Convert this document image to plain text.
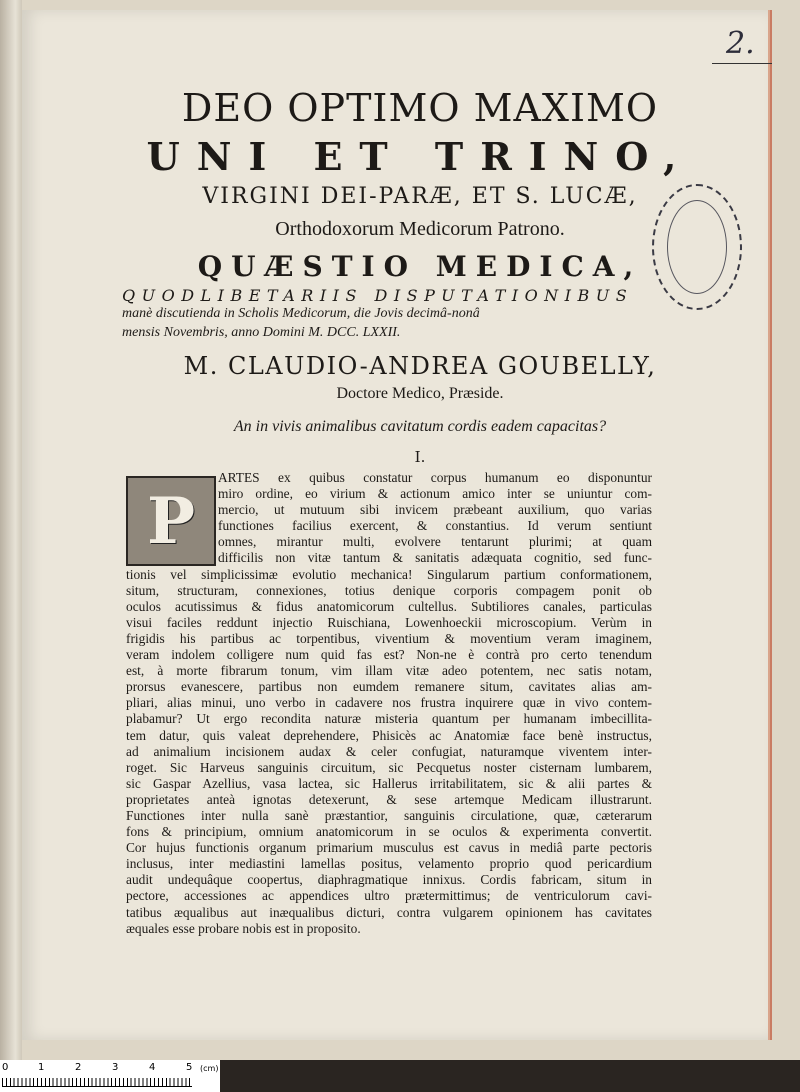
2.
DEO OPTIMO MAXIMO
UNI ET TRINO,
VIRGINI DEI-PARÆ, ET S. LUCÆ,
Orthodoxorum Medicorum Patrono.
QUÆSTIO MEDICA,
QUODLIBETARIIS DISPUTATIONIBUS
manè discutienda in Scholis Medicorum, die Jovis decimâ-nonâ
mensis Novembris, anno Domini M. DCC. LXXII.
M. CLAUDIO-ANDREA GOUBELLY,
Doctore Medico, Præside.
An in vivis animalibus cavitatum cordis eadem capacitas?
I.
P
ARTES ex quibus constatur corpus humanum eo disponuntur
miro ordine, eo virium & actionum amico inter se uniuntur com-
mercio, ut mutuum sibi invicem præbeant auxilium, quo varias
functiones facilius exercent, & constantius. Id verum sentiunt
omnes, mirantur multi, evolvere tentarunt plurimi; at quam
difficilis non vitæ tantum & sanitatis adæquata cognitio, sed func-
tionis vel simplicissimæ evolutio mechanica! Singularum partium conformationem,
situm, structuram, connexiones, totius denique corporis compagem ponit ob
oculos acutissimus & fidus anatomicorum cultellus. Subtiliores canales, particulas
visui faciles reddunt injectio Ruischiana, Lowenhoeckii microscopium. Verùm in
frigidis his partibus ac torpentibus, viventium & moventium veram imaginem,
veram indolem colligere num quid fas est? Non-ne è contrà pro certo tenendum
est, à morte fibrarum tonum, vim illam vitæ adeo potentem, nec satis notam,
prorsus evanescere, partibus non eumdem remanere situm, cavitates alias am-
pliari, alias minui, uno verbo in cadavere nos frustra inquirere quæ in vivo contem-
plabamur? Ut ergo recondita naturæ misteria quantum per humanam imbecillita-
tem datur, quis valeat deprehendere, Phisicès ac Anatomiæ face benè instructus,
ad animalium incisionem audax & celer confugiat, naturamque viventem inter-
roget. Sic Harveus sanguinis circuitum, sic Pecquetus noster cisternam lumbarem,
sic Gaspar Azellius, vasa lactea, sic Hallerus irritabilitatem, sic & alii partes &
proprietates anteà ignotas detexerunt, & sese artemque Medicam illustrarunt.
Functiones inter nulla sanè præstantior, sanguinis circulatione, quæ, cæterarum
fons & principium, omnium anatomicorum in se oculos & experimenta convertit.
Cor hujus functionis organum primarium musculus est cavus in mediâ parte pectoris
inclusus, inter mediastini lamellas positus, velamento proprio quod pericardium
audit undequâque coopertus, diaphragmatique innixus. Cordis fabricam, situm in
pectore, accessiones ac appendices ultro prætermittimus; de ventriculorum cavi-
tatibus æqualibus aut inæqualibus dicturi, contra vulgarem opinionem has cavitates
æquales esse probare nobis est in proposito.
0	1	2	3	4	5 (cm)
